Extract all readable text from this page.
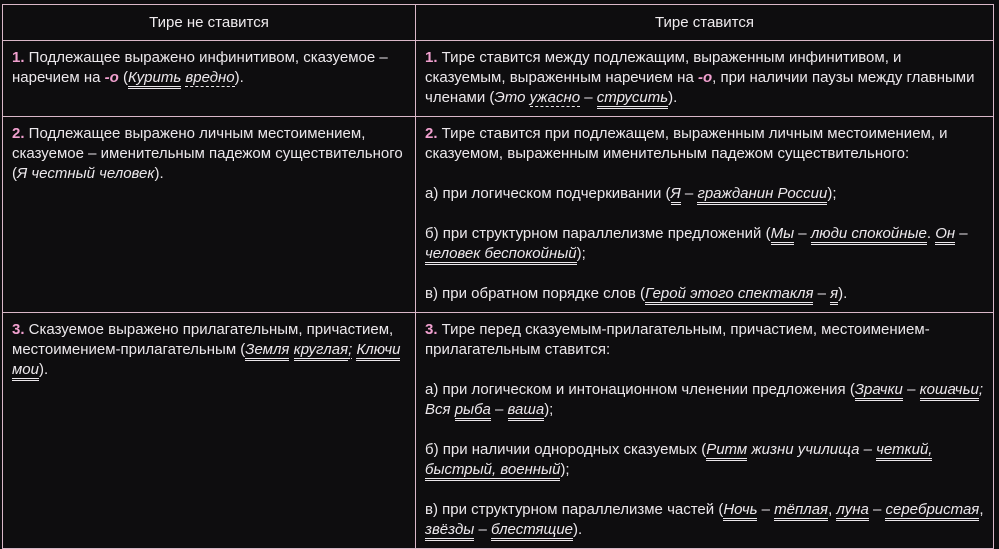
Тире не ставится	Тире ставится
1. Подлежащее выражено инфинитивом, сказуемое – наречием на -о (Курить вредно).	1. Тире ставится между подлежащим, выраженным инфинитивом, и сказуемым, выраженным наречием на -о, при наличии паузы между главными членами (Это ужасно – струсить).
2. Подлежащее выражено личным местоимением, сказуемое – именительным падежом существительного (Я честный человек).	2. Тире ставится при подлежащем, выраженным личным местоимением, и сказуемом, выраженным именительным падежом существительного:

а) при логическом подчеркивании (Я – гражданин России);

б) при структурном параллелизме предложений (Мы – люди спокойные. Он – человек беспокойный);

в) при обратном порядке слов (Герой этого спектакля – я).

3. Сказуемое выражено прилагательным, причастием, местоимением-прилагательным (Земля круглая; Ключи мои).	3. Тире перед сказуемым-прилагательным, причастием, местоимением-прилагательным ставится:

а) при логическом и интонационном членении предложения (Зрачки – кошачьи; Вся рыба – ваша);

б) при наличии однородных сказуемых (Ритм жизни училища – четкий, быстрый, военный);

в) при структурном параллелизме частей (Ночь – тёплая, луна – серебристая, звёзды – блестящие).
